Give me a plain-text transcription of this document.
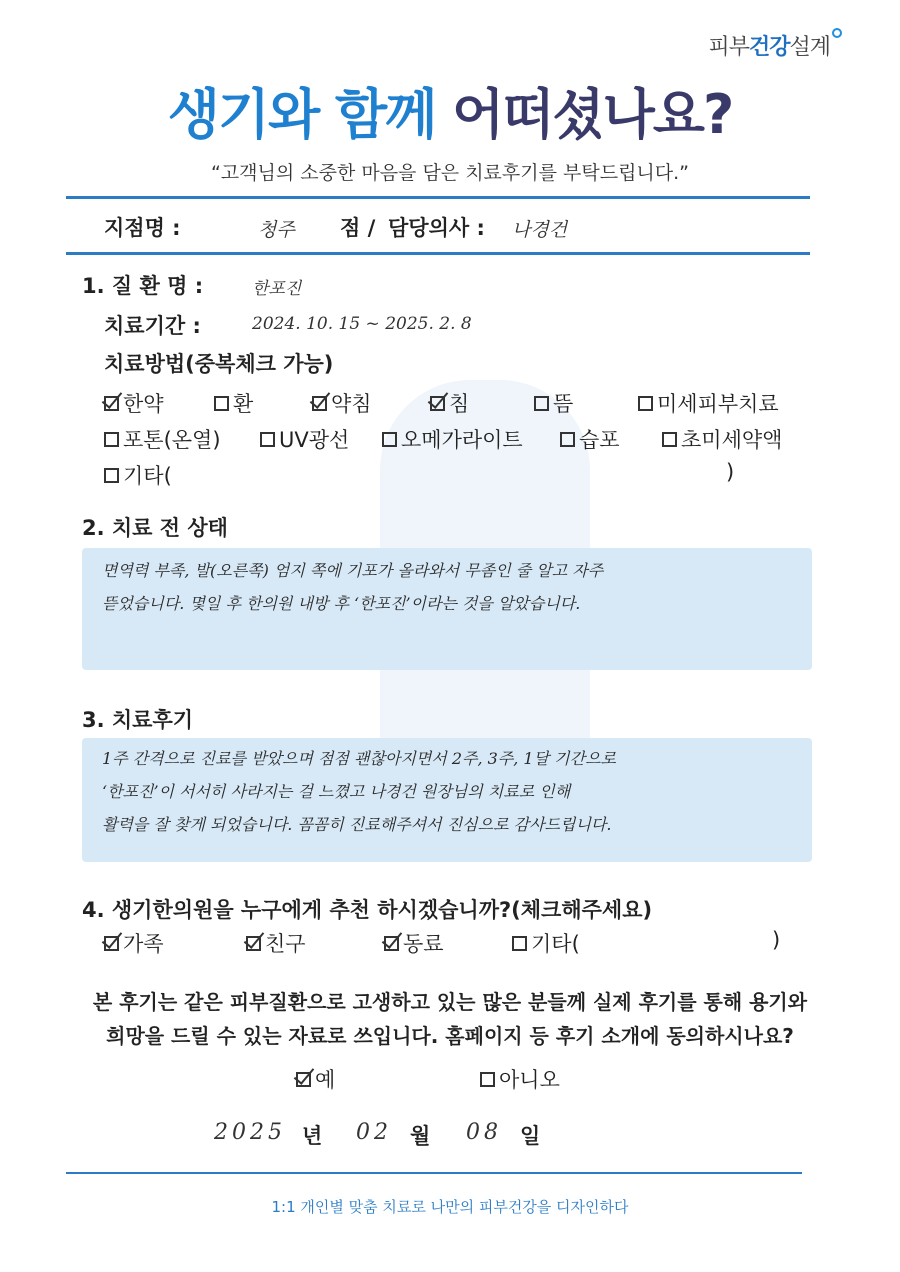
피부건강설계
생기와 함께 어떠셨나요?
“고객님의 소중한 마음을 담은 치료후기를 부탁드립니다.”
지점명 :	청주 점 / 담당의사 : 나경건
1. 질 환 명 :	한포진
치료기간 :	2024. 10. 15 ~ 2025. 2. 8
치료방법(중복체크 가능)
한약	환	약침	침	뜸	미세피부치료
포톤(온열)	UV광선 오메가라이트	습포	초미세약액
기타(	)
2. 치료 전 상태
면역력 부족, 발(오른쪽) 엄지 쪽에 기포가 올라와서 무좀인 줄 알고 자주
뜯었습니다. 몇일 후 한의원 내방 후 ‘한포진’이라는 것을 알았습니다.
3. 치료후기
1주 간격으로 진료를 받았으며 점점 괜찮아지면서 2주, 3주, 1달 기간으로
‘한포진’이 서서히 사라지는 걸 느꼈고 나경건 원장님의 치료로 인해
활력을 잘 찾게 되었습니다. 꼼꼼히 진료해주셔서 진심으로 감사드립니다.
4. 생기한의원을 누구에게 추천 하시겠습니까?(체크해주세요)
가족	친구	동료	기타(	)
본 후기는 같은 피부질환으로 고생하고 있는 많은 분들께 실제 후기를 통해 용기와
희망을 드릴 수 있는 자료로 쓰입니다. 홈페이지 등 후기 소개에 동의하시나요?
예	아니오
2025 년 02 월 08 일
1:1 개인별 맞춤 치료로 나만의 피부건강을 디자인하다
